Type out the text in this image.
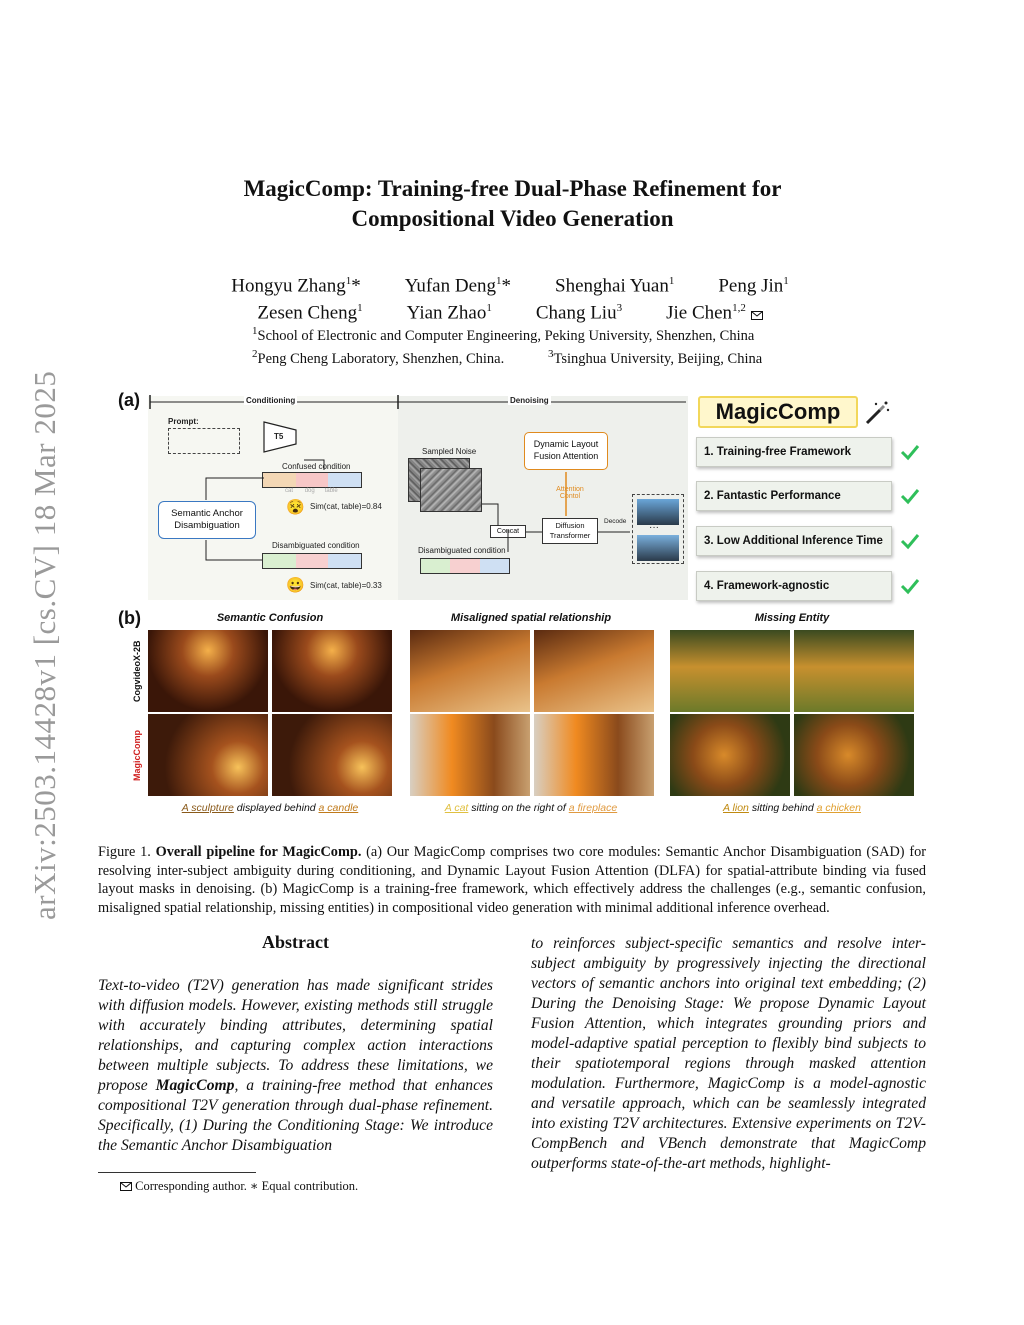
arXiv:2503.14428v1 [cs.CV] 18 Mar 2025
MagicComp: Training-free Dual-Phase Refinement for
Compositional Video Generation
Hongyu Zhang$^1$* Yufan Deng$^1$* Shenghai Yuan$^1$ Peng Jin$^1$
Zesen Cheng$^1$ Yian Zhao$^1$ Chang Liu$^3$ Jie Chen$^{1,2}$
$^1$School of Electronic and Computer Engineering, Peking University, Shenzhen, China
$^2$Peng Cheng Laboratory, Shenzhen, China.	$^3$Tsinghua University, Beijing, China
(a)	Conditioning	Denoising
Prompt:
T5
Confused condition
cat dog table
😵 Sim(cat, table)=0.84
Semantic Anchor Disambiguation
Disambiguated condition
😀 Sim(cat, table)=0.33
Sampled Noise
Dynamic Layout Fusion Attention
Attention Contol
Concat
Diffusion Transformer
Decode
···
Disambiguated condition
MagicComp
1. Training-free Framework
2. Fantastic Performance
3. Low Additional Inference Time
4. Framework-agnostic
(b)	Semantic Confusion	Misaligned spatial relationship	Missing Entity
CogvideoX-2B
MagicComp
A sculpture displayed behind a candle	A cat sitting on the right of a fireplace	A lion sitting behind a chicken
Figure 1. Overall pipeline for MagicComp. (a) Our MagicComp comprises two core modules: Semantic Anchor Disambiguation (SAD) for resolving inter-subject ambiguity during conditioning, and Dynamic Layout Fusion Attention (DLFA) for spatial-attribute binding via fused layout masks in denoising. (b) MagicComp is a training-free framework, which effectively address the challenges (e.g., semantic confusion, misaligned spatial relationship, missing entities) in compositional video generation with minimal additional inference overhead.
Abstract
Text-to-video (T2V) generation has made significant strides with diffusion models. However, existing methods still struggle with accurately binding attributes, determining spatial relationships, and capturing complex action interactions between multiple subjects. To address these limitations, we propose MagicComp, a training-free method that enhances compositional T2V generation through dual-phase refinement. Specifically, (1) During the Conditioning Stage: We introduce the Semantic Anchor Disambiguation
to reinforces subject-specific semantics and resolve inter-subject ambiguity by progressively injecting the directional vectors of semantic anchors into original text embedding; (2) During the Denoising Stage: We propose Dynamic Layout Fusion Attention, which integrates grounding priors and model-adaptive spatial perception to flexibly bind subjects to their spatiotemporal regions through masked attention modulation. Furthermore, MagicComp is a model-agnostic and versatile approach, which can be seamlessly integrated into existing T2V architectures. Extensive experiments on T2V-CompBench and VBench demonstrate that MagicComp outperforms state-of-the-art methods, highlight-
Corresponding author. ∗ Equal contribution.
